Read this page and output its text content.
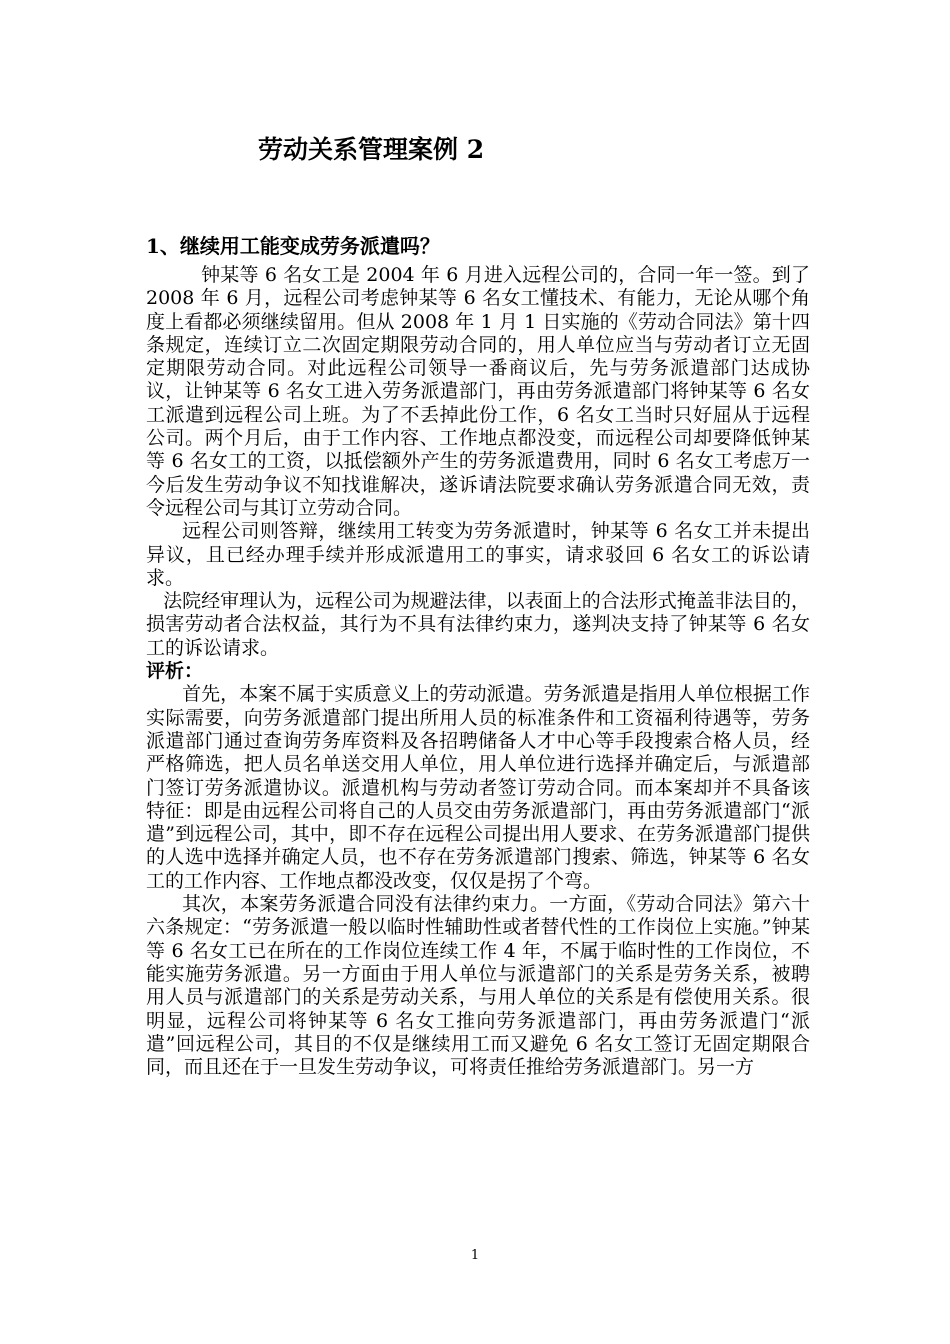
劳动关系管理案例 2
1、继续用工能变成劳务派遣吗？

钟某等 6 名女工是 2004 年 6 月进入远程公司的，合同一年一签。到了 2008 年 6 月，远程公司考虑钟某等 6 名女工懂技术、有能力，无论从哪个角度上看都必须继续留用。但从 2008 年 1 月 1 日实施的《劳动合同法》第十四条规定，连续订立二次固定期限劳动合同的，用人单位应当与劳动者订立无固定期限劳动合同。对此远程公司领导一番商议后，先与劳务派遣部门达成协议，让钟某等 6 名女工进入劳务派遣部门，再由劳务派遣部门将钟某等 6 名女工派遣到远程公司上班。为了不丢掉此份工作，6 名女工当时只好屈从于远程公司。两个月后，由于工作内容、工作地点都没变，而远程公司却要降低钟某等 6 名女工的工资，以抵偿额外产生的劳务派遣费用，同时 6 名女工考虑万一今后发生劳动争议不知找谁解决，遂诉请法院要求确认劳务派遣合同无效，责令远程公司与其订立劳动合同。

远程公司则答辩，继续用工转变为劳务派遣时，钟某等 6 名女工并未提出异议，且已经办理手续并形成派遣用工的事实，请求驳回 6 名女工的诉讼请求。

法院经审理认为，远程公司为规避法律，以表面上的合法形式掩盖非法目的，损害劳动者合法权益，其行为不具有法律约束力，遂判决支持了钟某等 6 名女工的诉讼请求。

评析：

首先，本案不属于实质意义上的劳动派遣。劳务派遣是指用人单位根据工作实际需要，向劳务派遣部门提出所用人员的标准条件和工资福利待遇等，劳务派遣部门通过查询劳务库资料及各招聘储备人才中心等手段搜索合格人员，经严格筛选，把人员名单送交用人单位，用人单位进行选择并确定后，与派遣部门签订劳务派遣协议。派遣机构与劳动者签订劳动合同。而本案却并不具备该特征：即是由远程公司将自己的人员交由劳务派遣部门，再由劳务派遣部门“派遣”到远程公司，其中，即不存在远程公司提出用人要求、在劳务派遣部门提供的人选中选择并确定人员，也不存在劳务派遣部门搜索、筛选，钟某等 6 名女工的工作内容、工作地点都没改变，仅仅是拐了个弯。

其次，本案劳务派遣合同没有法律约束力。一方面，《劳动合同法》第六十六条规定：“劳务派遣一般以临时性辅助性或者替代性的工作岗位上实施。”钟某等 6 名女工已在所在的工作岗位连续工作 4 年，不属于临时性的工作岗位，不能实施劳务派遣。另一方面由于用人单位与派遣部门的关系是劳务关系，被聘用人员与派遣部门的关系是劳动关系，与用人单位的关系是有偿使用关系。很明显，远程公司将钟某等 6 名女工推向劳务派遣部门，再由劳务派遣门“派遣”回远程公司，其目的不仅是继续用工而又避免 6 名女工签订无固定期限合同，而且还在于一旦发生劳动争议，可将责任推给劳务派遣部门。另一方

1
